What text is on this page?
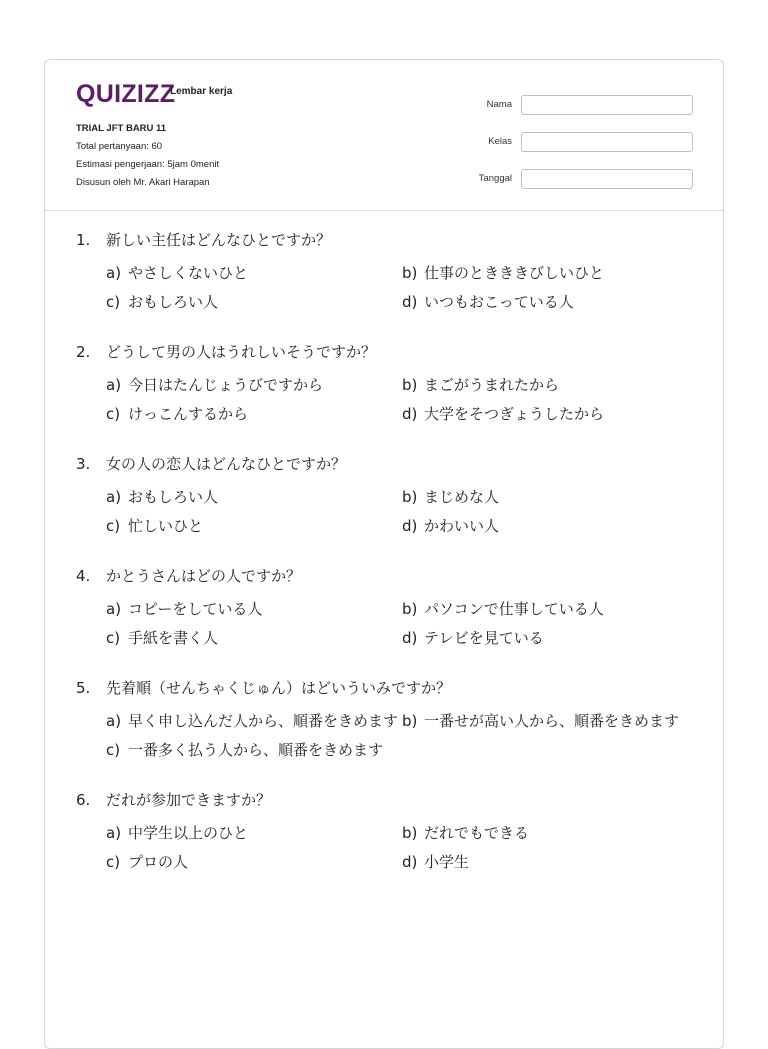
QUIZIZZ
Lembar kerja
TRIAL JFT BARU 11
Total pertanyaan: 60
Estimasi pengerjaan: 5jam 0menit
Disusun oleh Mr. Akari Harapan
Nama
Kelas
Tanggal
1.	新しい主任はどんなひとですか？
a) やさしくないひと	b) 仕事のときききびしいひと
c) おもしろい人	d) いつもおこっている人
2.	どうして男の人はうれしいそうですか？
a) 今日はたんじょうびですから	b) まごがうまれたから
c) けっこんするから	d) 大学をそつぎょうしたから
3.	女の人の恋人はどんなひとですか？
a) おもしろい人	b) まじめな人
c) 忙しいひと	d) かわいい人
4.	かとうさんはどの人ですか？
a) コピーをしている人	b) パソコンで仕事している人
c) 手紙を書く人	d) テレビを見ている
5.	先着順（せんちゃくじゅん）はどいういみですか？
a) 早く申し込んだ人から、順番をきめます b) 一番せが高い人から、順番をきめます
c) 一番多く払う人から、順番をきめます
6.	だれが参加できますか？
a) 中学生以上のひと	b) だれでもできる
c) プロの人	d) 小学生
